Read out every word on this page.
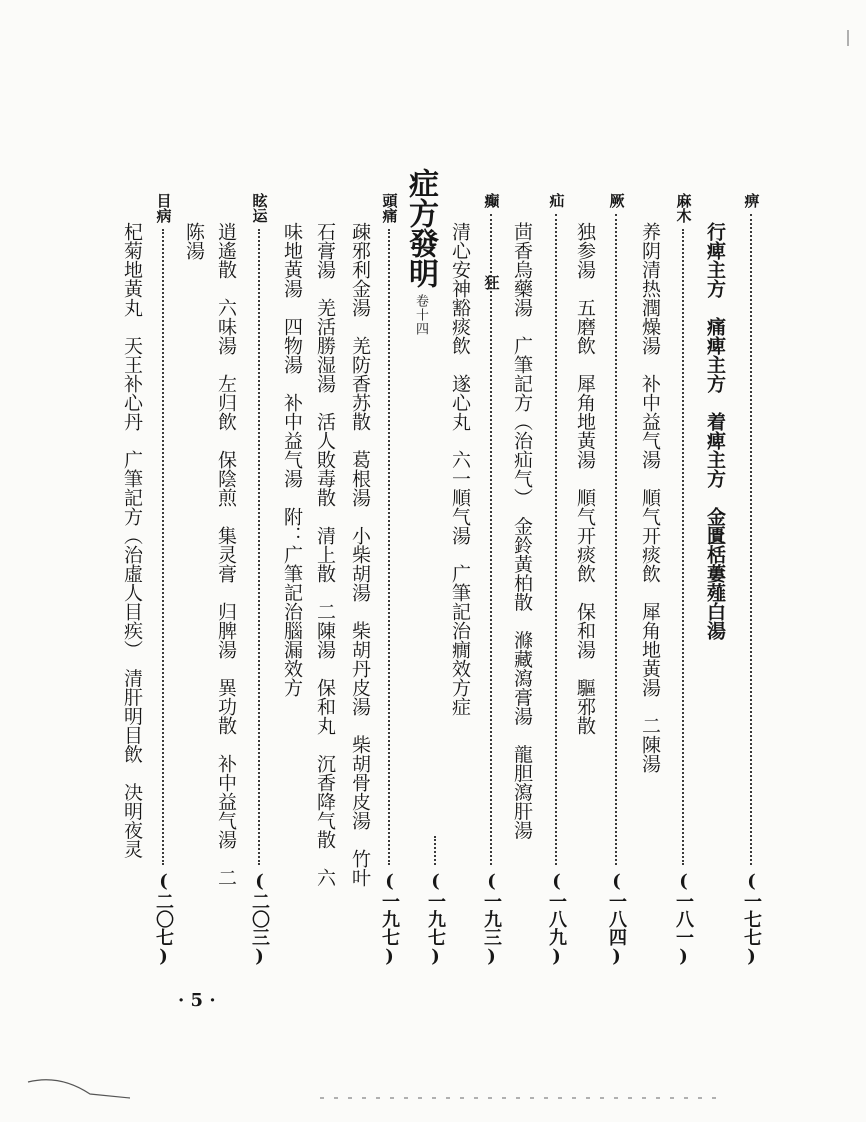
痹
(一七七)
行痺主方　痛痺主方　着痺主方　金匱栝蔞薤白湯
麻木
(一八一)
养阴清热潤燥湯　补中益气湯　順气开痰飲　犀角地黃湯　二陳湯
厥
(一八四)
独参湯　五磨飲　犀角地黃湯　順气开痰飲　保和湯　驅邪散
疝
(一八九)
茴香烏藥湯　广筆記方（治疝气）　金鈴黃柏散　滌藏瀉膏湯　龍胆瀉肝湯
癫
(一九三)
狂
(一九七)
清心安神豁痰飲　遂心丸　六一順气湯　广筆記治癇效方症
症方發明卷十四
頭痛
(一九七)
疎邪利金湯　羌防香苏散　葛根湯　小柴胡湯　柴胡丹皮湯　柴胡骨皮湯　竹叶
石膏湯　羌活勝湿湯　活人敗毒散　清上散　二陳湯　保和丸　沉香降气散　六
味地黃湯　四物湯　补中益气湯　附：广筆記治腦漏效方
眩运
(二〇三)
逍遙散　六味湯　左归飲　保陰煎　集灵膏　归脾湯　異功散　补中益气湯　二
陈湯
目病
(二〇七)
杞菊地黃丸　天王补心丹　广筆記方（治虛人目疾）　清肝明目飲　决明夜灵
· 5 ·
